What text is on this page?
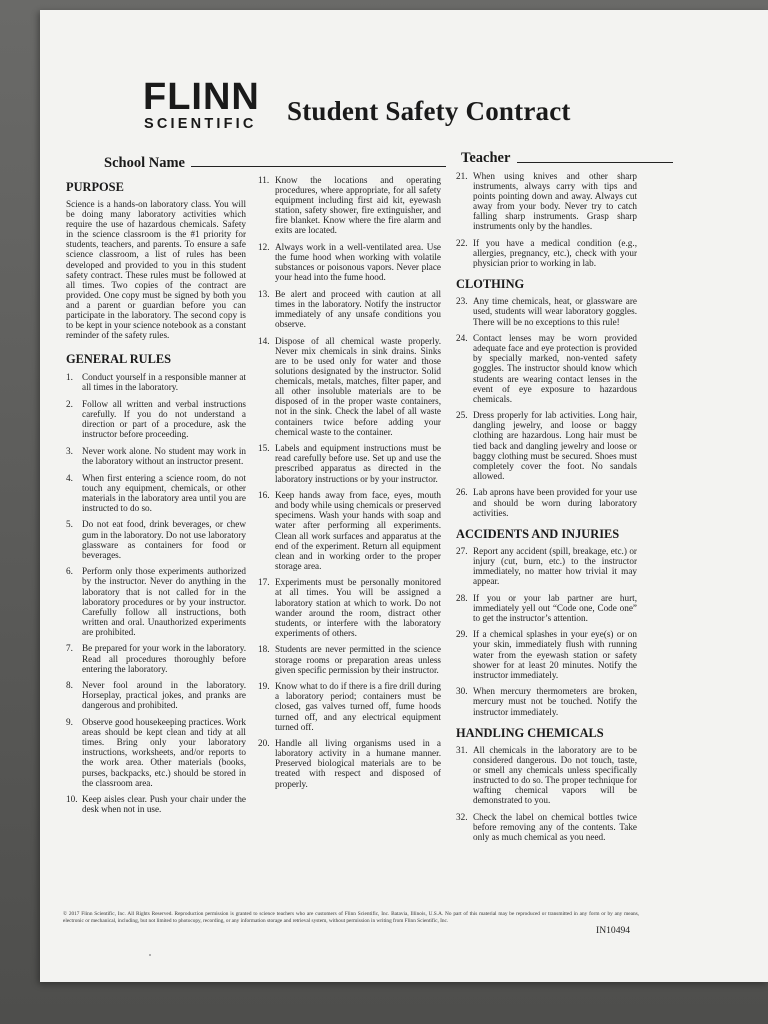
FLINN
SCIENTIFIC Student Safety Contract
School Name	Teacher
PURPOSE

Science is a hands-on laboratory class. You will be doing many laboratory activities which require the use of hazardous chemicals. Safety in the science classroom is the #1 priority for students, teachers, and parents. To ensure a safe science classroom, a list of rules has been developed and provided to you in this student safety contract. These rules must be followed at all times. Two copies of the contract are provided. One copy must be signed by both you and a parent or guardian before you can participate in the laboratory. The second copy is to be kept in your science notebook as a constant reminder of the safety rules.

GENERAL RULES
1. Conduct yourself in a responsible manner at all times in the laboratory.
2. Follow all written and verbal instructions carefully. If you do not understand a direction or part of a procedure, ask the instructor before proceeding.
3. Never work alone. No student may work in the laboratory without an instructor present.
4. When first entering a science room, do not touch any equipment, chemicals, or other materials in the laboratory area until you are instructed to do so.
5. Do not eat food, drink beverages, or chew gum in the laboratory. Do not use laboratory glassware as containers for food or beverages.
6. Perform only those experiments authorized by the instructor. Never do anything in the laboratory that is not called for in the laboratory procedures or by your instructor. Carefully follow all instructions, both written and oral. Unauthorized experiments are prohibited.
7. Be prepared for your work in the laboratory. Read all procedures thoroughly before entering the laboratory.
8. Never fool around in the laboratory. Horseplay, practical jokes, and pranks are dangerous and prohibited.
9. Observe good housekeeping practices. Work areas should be kept clean and tidy at all times. Bring only your laboratory instructions, worksheets, and/or reports to the work area. Other materials (books, purses, backpacks, etc.) should be stored in the classroom area.
10. Keep aisles clear. Push your chair under the desk when not in use.
11. Know the locations and operating procedures, where appropriate, for all safety equipment including first aid kit, eyewash station, safety shower, fire extinguisher, and fire blanket. Know where the fire alarm and exits are located.
12. Always work in a well-ventilated area. Use the fume hood when working with volatile substances or poisonous vapors. Never place your head into the fume hood.
13. Be alert and proceed with caution at all times in the laboratory. Notify the instructor immediately of any unsafe conditions you observe.
14. Dispose of all chemical waste properly. Never mix chemicals in sink drains. Sinks are to be used only for water and those solutions designated by the instructor. Solid chemicals, metals, matches, filter paper, and all other insoluble materials are to be disposed of in the proper waste containers, not in the sink. Check the label of all waste containers twice before adding your chemical waste to the container.
15. Labels and equipment instructions must be read carefully before use. Set up and use the prescribed apparatus as directed in the laboratory instructions or by your instructor.
16. Keep hands away from face, eyes, mouth and body while using chemicals or preserved specimens. Wash your hands with soap and water after performing all experiments. Clean all work surfaces and apparatus at the end of the experiment. Return all equipment clean and in working order to the proper storage area.
17. Experiments must be personally monitored at all times. You will be assigned a laboratory station at which to work. Do not wander around the room, distract other students, or interfere with the laboratory experiments of others.
18. Students are never permitted in the science storage rooms or preparation areas unless given specific permission by their instructor.
19. Know what to do if there is a fire drill during a laboratory period; containers must be closed, gas valves turned off, fume hoods turned off, and any electrical equipment turned off.
20. Handle all living organisms used in a laboratory activity in a humane manner. Preserved biological materials are to be treated with respect and disposed of properly.
21. When using knives and other sharp instruments, always carry with tips and points pointing down and away. Always cut away from your body. Never try to catch falling sharp instruments. Grasp sharp instruments only by the handles.
22. If you have a medical condition (e.g., allergies, pregnancy, etc.), check with your physician prior to working in lab.
CLOTHING
23. Any time chemicals, heat, or glassware are used, students will wear laboratory goggles. There will be no exceptions to this rule!
24. Contact lenses may be worn provided adequate face and eye protection is provided by specially marked, non-vented safety goggles. The instructor should know which students are wearing contact lenses in the event of eye exposure to hazardous chemicals.
25. Dress properly for lab activities. Long hair, dangling jewelry, and loose or baggy clothing are hazardous. Long hair must be tied back and dangling jewelry and loose or baggy clothing must be secured. Shoes must completely cover the foot. No sandals allowed.
26. Lab aprons have been provided for your use and should be worn during laboratory activities.
ACCIDENTS AND INJURIES
27. Report any accident (spill, breakage, etc.) or injury (cut, burn, etc.) to the instructor immediately, no matter how trivial it may appear.
28. If you or your lab partner are hurt, immediately yell out “Code one, Code one” to get the instructor’s attention.
29. If a chemical splashes in your eye(s) or on your skin, immediately flush with running water from the eyewash station or safety shower for at least 20 minutes. Notify the instructor immediately.
30. When mercury thermometers are broken, mercury must not be touched. Notify the instructor immediately.
HANDLING CHEMICALS
31. All chemicals in the laboratory are to be considered dangerous. Do not touch, taste, or smell any chemicals unless specifically instructed to do so. The proper technique for wafting chemical vapors will be demonstrated to you.
32. Check the label on chemical bottles twice before removing any of the contents. Take only as much chemical as you need.
© 2017 Flinn Scientific, Inc. All Rights Reserved. Reproduction permission is granted to science teachers who are customers of Flinn Scientific, Inc. Batavia, Illinois, U.S.A. No part of this material may be reproduced or transmitted in any form or by any means, electronic or mechanical, including, but not limited to photocopy, recording, or any information storage and retrieval system, without permission in writing from Flinn Scientific, Inc.
IN10494
